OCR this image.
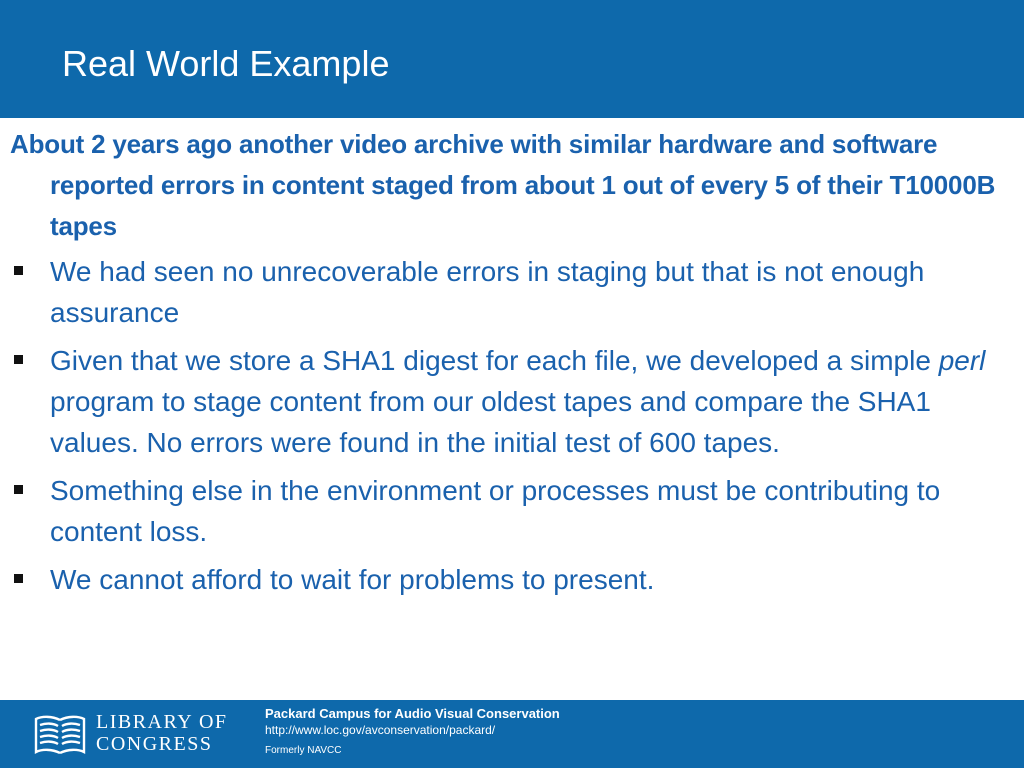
Real World Example

About 2 years ago another video archive with similar hardware and software reported errors in content staged from about 1 out of every 5 of their T10000B tapes

We had seen no unrecoverable errors in staging but that is not enough assurance
Given that we store a SHA1 digest for each file, we developed a simple perl program to stage content from our oldest tapes and compare the SHA1 values. No errors were found in the initial test of 600 tapes.
Something else in the environment or processes must be contributing to content loss.
We cannot afford to wait for problems to present.
LIBRARY OF
CONGRESS
Packard Campus for Audio Visual Conservation
http://www.loc.gov/avconservation/packard/
Formerly NAVCC
